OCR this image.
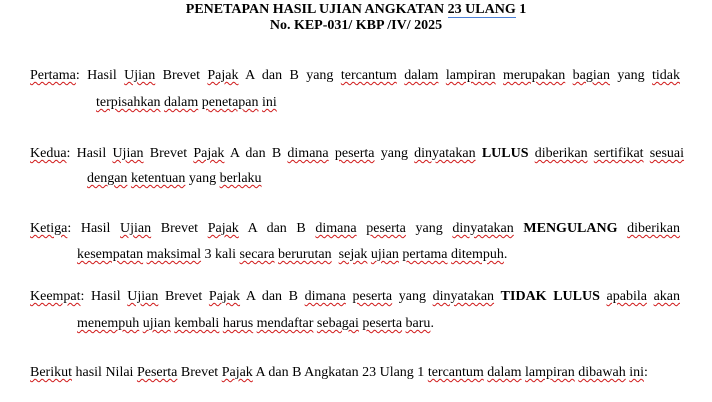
PENETAPAN HASIL UJIAN ANGKATAN 23 ULANG 1

No. KEP-031/ KBP /IV/ 2025

Pertama: Hasil Ujian Brevet Pajak A dan B yang tercantum dalam lampiran merupakan bagian yang tidak
terpisahkan dalam penetapan ini
Kedua: Hasil Ujian Brevet Pajak A dan B dimana peserta yang dinyatakan LULUS diberikan sertifikat sesuai
dengan ketentuan yang berlaku
Ketiga: Hasil Ujian Brevet Pajak A dan B dimana peserta yang dinyatakan MENGULANG diberikan
kesempatan maksimal 3 kali secara berurutan sejak ujian pertama ditempuh.
Keempat: Hasil Ujian Brevet Pajak A dan B dimana peserta yang dinyatakan TIDAK LULUS apabila akan
menempuh ujian kembali harus mendaftar sebagai peserta baru.
Berikut hasil Nilai Peserta Brevet Pajak A dan B Angkatan 23 Ulang 1 tercantum dalam lampiran dibawah ini:
